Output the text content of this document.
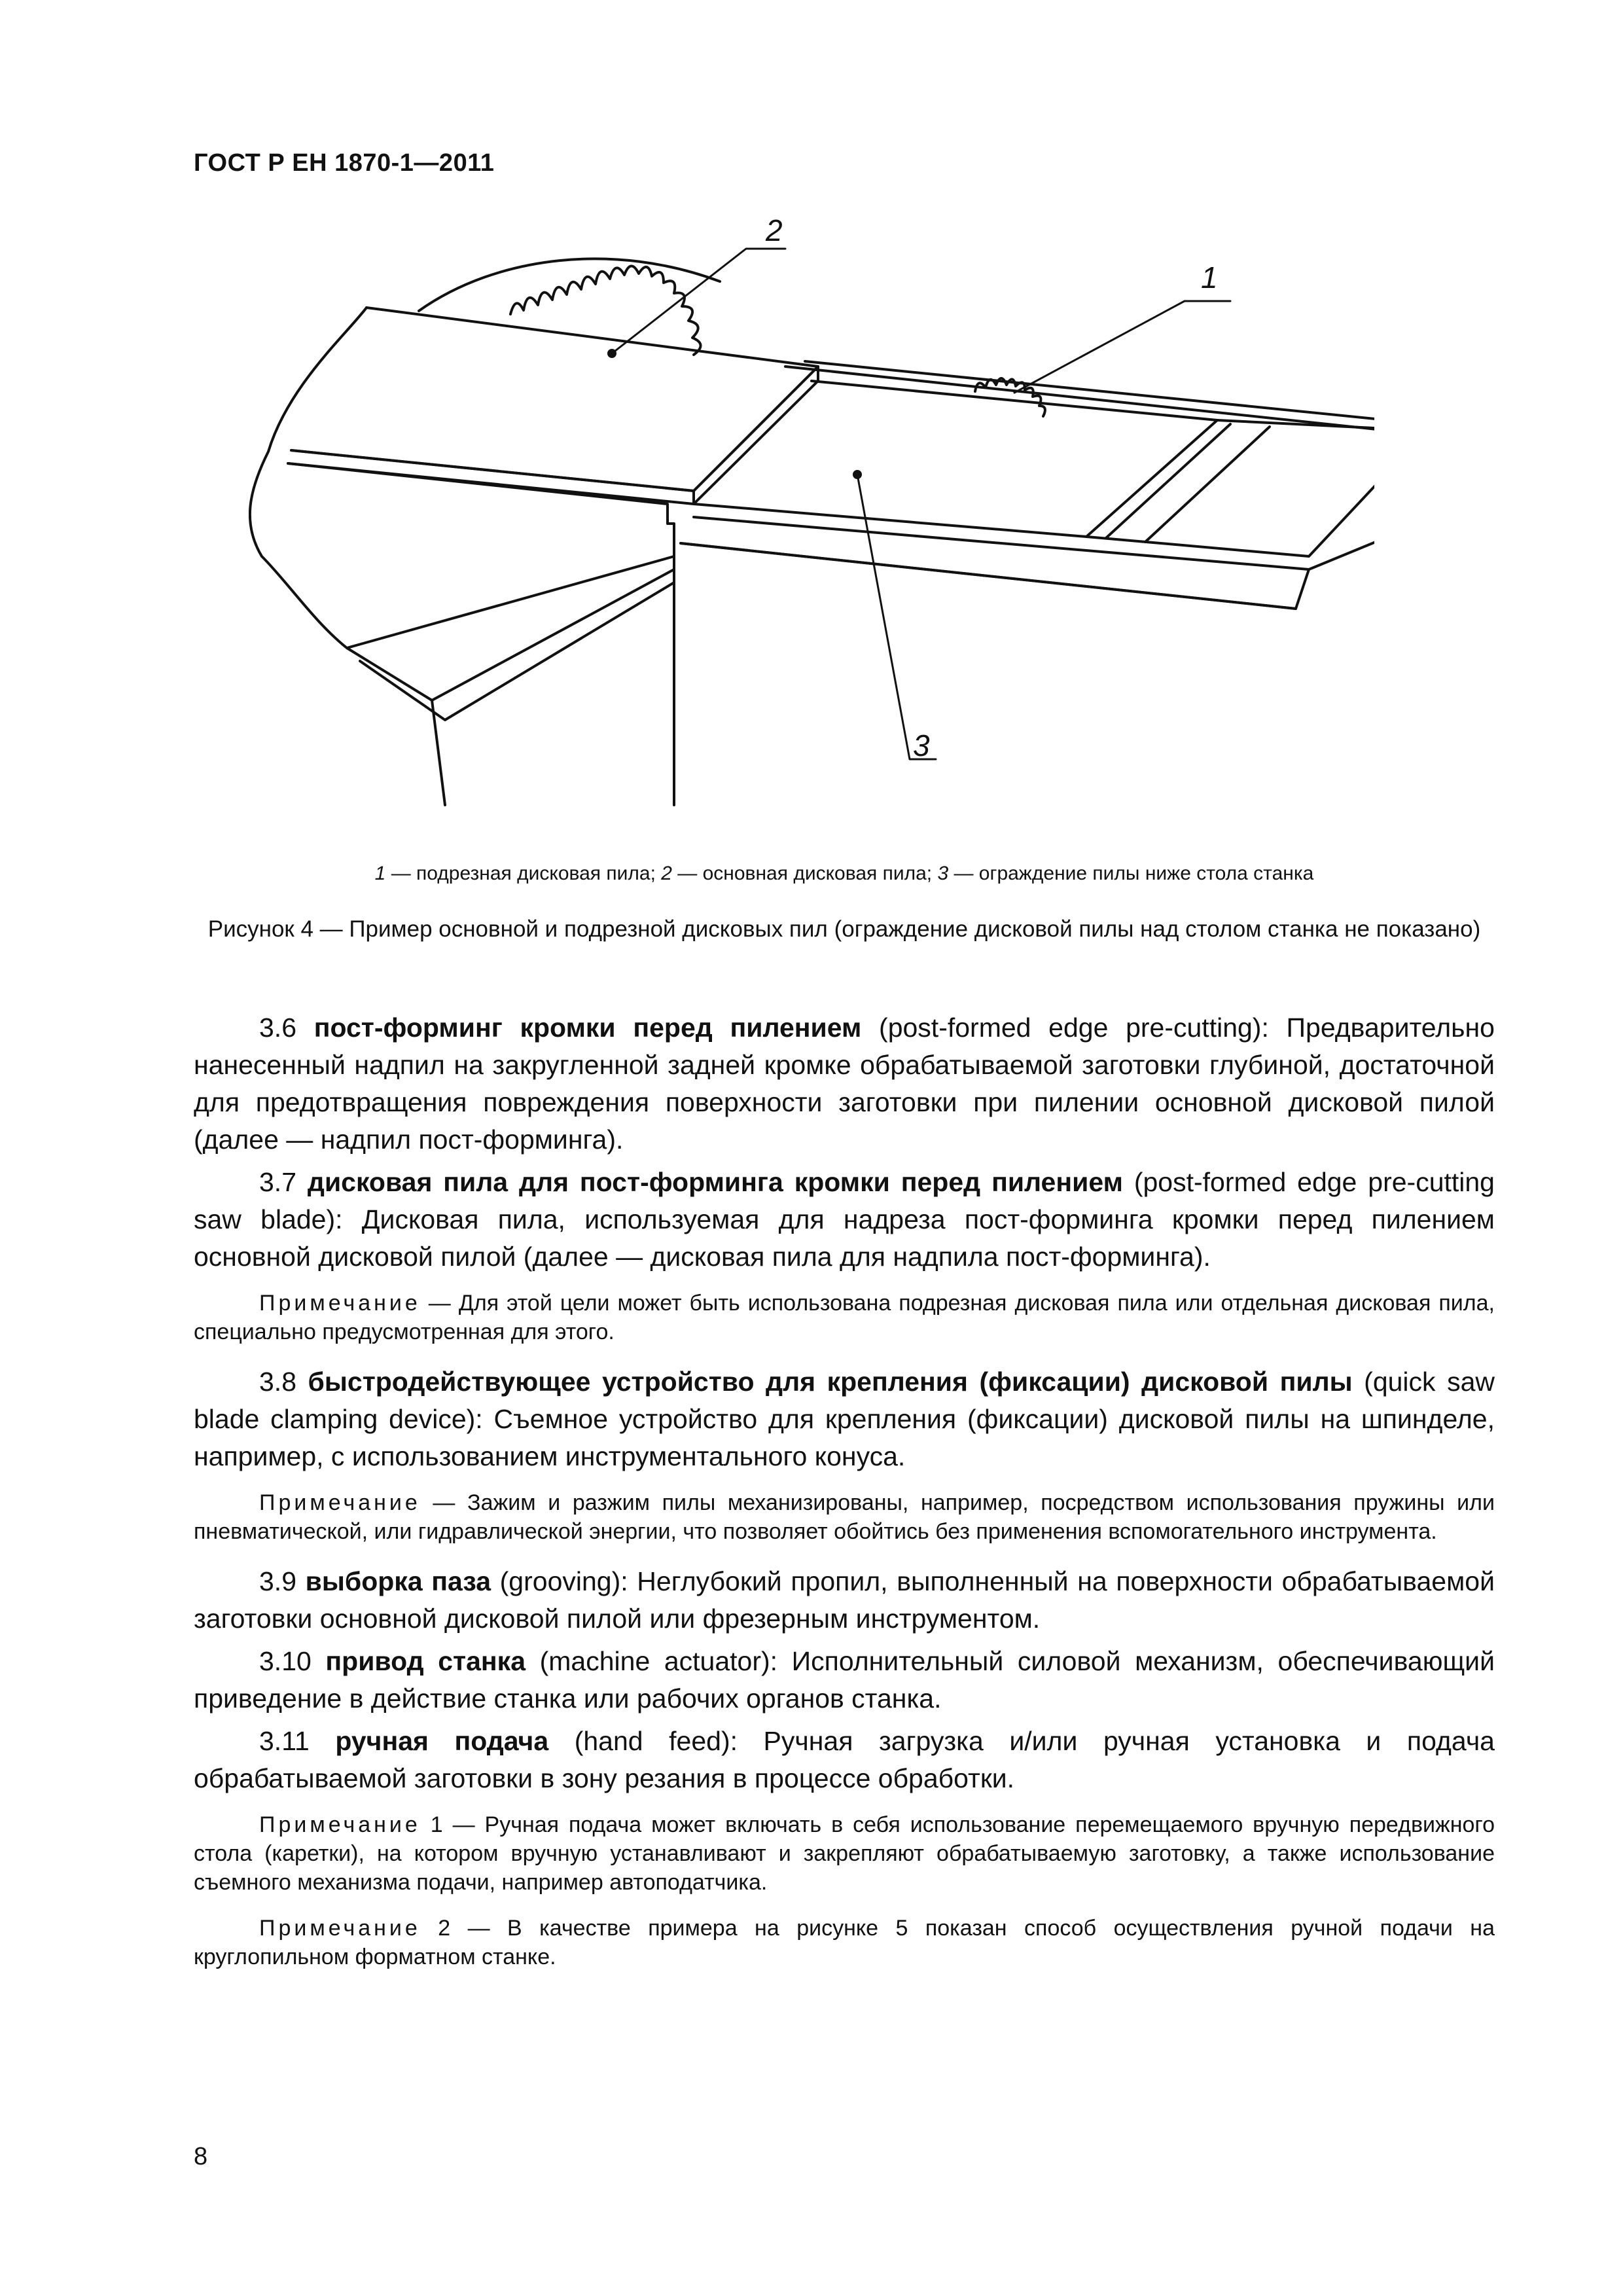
ГОСТ Р ЕН 1870-1—2011
1
2
3
1 — подрезная дисковая пила; 2 — основная дисковая пила; 3 — ограждение пилы ниже стола станка
Рисунок 4 — Пример основной и подрезной дисковых пил (ограждение дисковой пилы над столом станка не показано)

3.6 пост-форминг кромки перед пилением (post-formed edge pre-cutting): Предварительно нанесенный надпил на закругленной задней кромке обрабатываемой заготовки глубиной, достаточной для предотвращения повреждения поверхности заготовки при пилении основной дисковой пилой (далее — надпил пост-форминга).

3.7 дисковая пила для пост-форминга кромки перед пилением (post-formed edge pre-cutting saw blade): Дисковая пила, используемая для надреза пост-форминга кромки перед пилением основной дисковой пилой (далее — дисковая пила для надпила пост-форминга).

Примечание — Для этой цели может быть использована подрезная дисковая пила или отдельная дисковая пила, специально предусмотренная для этого.

3.8 быстродействующее устройство для крепления (фиксации) дисковой пилы (quick saw blade clamping device): Съемное устройство для крепления (фиксации) дисковой пилы на шпинделе, например, с использованием инструментального конуса.

Примечание — Зажим и разжим пилы механизированы, например, посредством использования пружины или пневматической, или гидравлической энергии, что позволяет обойтись без применения вспомогательного инструмента.

3.9 выборка паза (grooving): Неглубокий пропил, выполненный на поверхности обрабатываемой заготовки основной дисковой пилой или фрезерным инструментом.

3.10 привод станка (machine actuator): Исполнительный силовой механизм, обеспечивающий приведение в действие станка или рабочих органов станка.

3.11 ручная подача (hand feed): Ручная загрузка и/или ручная установка и подача обрабатываемой заготовки в зону резания в процессе обработки.

Примечание 1 — Ручная подача может включать в себя использование перемещаемого вручную передвижного стола (каретки), на котором вручную устанавливают и закрепляют обрабатываемую заготовку, а также использование съемного механизма подачи, например автоподатчика.

Примечание 2 — В качестве примера на рисунке 5 показан способ осуществления ручной подачи на круглопильном форматном станке.

8
